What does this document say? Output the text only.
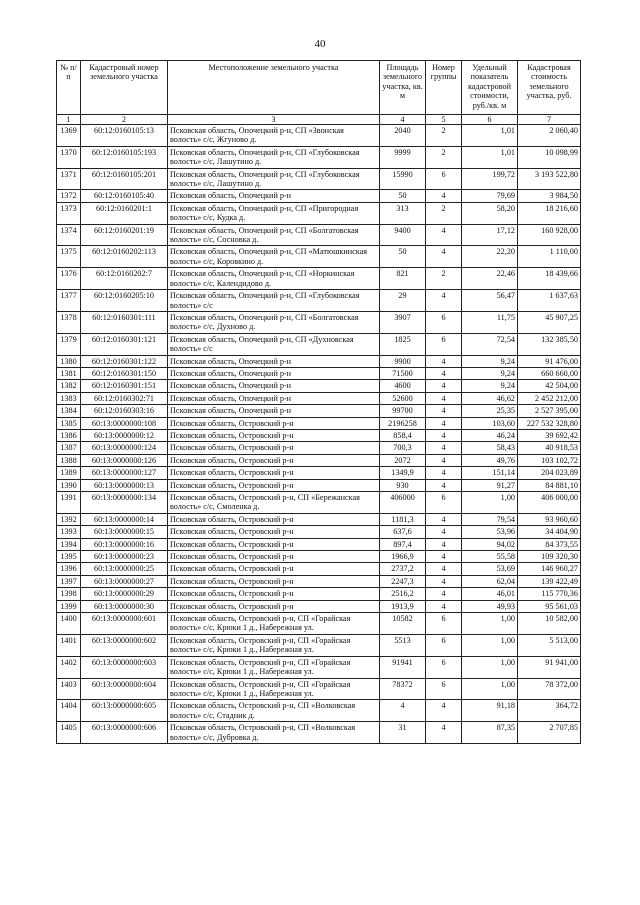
40
№ п/п	Кадастровый номер земельного участка	Местоположение земельного участка	Площадь земельного участка, кв. м	Номер группы	Удельный показатель кадастровой стоимости, руб./кв. м	Кадастровая стоимость земельного участка, руб.
1	2	3	4	5	6	7
1369	60:12:0160105:13	Псковская область, Опочецкий р-н, СП «Звонская волость» с/с, Жгуново д.	2040	2	1,01	2 060,40
1370	60:12:0160105:193	Псковская область, Опочецкий р-н, СП «Глубоковская волость» с/с, Лашутино д.	9999	2	1,01	10 098,99
1371	60:12:0160105:201	Псковская область, Опочецкий р-н, СП «Глубоковская волость» с/с, Лашутино д.	15990	6	199,72	3 193 522,80
1372	60:12:0160105:40	Псковская область, Опочецкий р-н	50	4	79,69	3 984,50
1373	60:12:0160201:1	Псковская область, Опочецкий р-н, СП «Пригородная волость» с/с, Кудка д.	313	2	58,20	18 216,60
1374	60:12:0160201:19	Псковская область, Опочецкий р-н, СП «Болгатовская волость» с/с, Сосновка д.	9400	4	17,12	160 928,00
1375	60:12:0160202:113	Псковская область, Опочецкий р-н, СП «Матюшкинская волость» с/с, Коровкино д.	50	4	22,20	1 110,00
1376	60:12:0160202:7	Псковская область, Опочецкий р-н, СП «Норкинская волость» с/с, Календидово д.	821	2	22,46	18 439,66
1377	60:12:0160205:10	Псковская область, Опочецкий р-н, СП «Глубоковская волость» с/с	29	4	56,47	1 637,63
1378	60:12:0160301:111	Псковская область, Опочецкий р-н, СП «Болгатовская волость» с/с, Духново д.	3907	6	11,75	45 907,25
1379	60:12:0160301:121	Псковская область, Опочецкий р-н, СП «Духновская волость» с/с	1825	6	72,54	132 385,50
1380	60:12:0160301:122	Псковская область, Опочецкий р-н	9900	4	9,24	91 476,00
1381	60:12:0160301:150	Псковская область, Опочецкий р-н	71500	4	9,24	660 660,00
1382	60:12:0160301:151	Псковская область, Опочецкий р-н	4600	4	9,24	42 504,00
1383	60:12:0160302:71	Псковская область, Опочецкий р-н	52600	4	46,62	2 452 212,00
1384	60:12:0160303:16	Псковская область, Опочецкий р-н	99700	4	25,35	2 527 395,00
1385	60:13:0000000:108	Псковская область, Островский р-н	2196258	4	103,60	227 532 328,80
1386	60:13:0000000:12	Псковская область, Островский р-н	858,4	4	46,24	39 692,42
1387	60:13:0000000:124	Псковская область, Островский р-н	700,3	4	58,43	40 918,53
1388	60:13:0000000:126	Псковская область, Островский р-н	2072	4	49,76	103 102,72
1389	60:13:0000000:127	Псковская область, Островский р-н	1349,9	4	151,14	204 023,89
1390	60:13:0000000:13	Псковская область, Островский р-н	930	4	91,27	84 881,10
1391	60:13:0000000:134	Псковская область, Островский р-н, СП «Бережанская волость» с/с, Смоленка д.	406000	6	1,00	406 000,00
1392	60:13:0000000:14	Псковская область, Островский р-н	1181,3	4	79,54	93 960,60
1393	60:13:0000000:15	Псковская область, Островский р-н	637,6	4	53,96	34 404,90
1394	60:13:0000000:16	Псковская область, Островский р-н	897,4	4	94,02	84 373,55
1395	60:13:0000000:23	Псковская область, Островский р-н	1966,9	4	55,58	109 320,30
1396	60:13:0000000:25	Псковская область, Островский р-н	2737,2	4	53,69	146 960,27
1397	60:13:0000000:27	Псковская область, Островский р-н	2247,3	4	62,04	139 422,49
1398	60:13:0000000:29	Псковская область, Островский р-н	2516,2	4	46,01	115 770,36
1399	60:13:0000000:30	Псковская область, Островский р-н	1913,9	4	49,93	95 561,03
1400	60:13:0000000:601	Псковская область, Островский р-н, СП «Горайская волость» с/с, Крюки 1 д., Набережная ул.	10582	6	1,00	10 582,00
1401	60:13:0000000:602	Псковская область, Островский р-н, СП «Горайская волость» с/с, Крюки 1 д., Набережная ул.	5513	6	1,00	5 513,00
1402	60:13:0000000:603	Псковская область, Островский р-н, СП «Горайская волость» с/с, Крюки 1 д., Набережная ул.	91941	6	1,00	91 941,00
1403	60:13:0000000:604	Псковская область, Островский р-н, СП «Горайская волость» с/с, Крюки 1 д., Набережная ул.	78372	6	1,00	78 372,00
1404	60:13:0000000:605	Псковская область, Островский р-н, СП «Волковская волость» с/с, Стадник д.	4	4	91,18	364,72
1405	60:13:0000000:606	Псковская область, Островский р-н, СП «Волковская волость» с/с, Дубровка д.	31	4	87,35	2 707,85
